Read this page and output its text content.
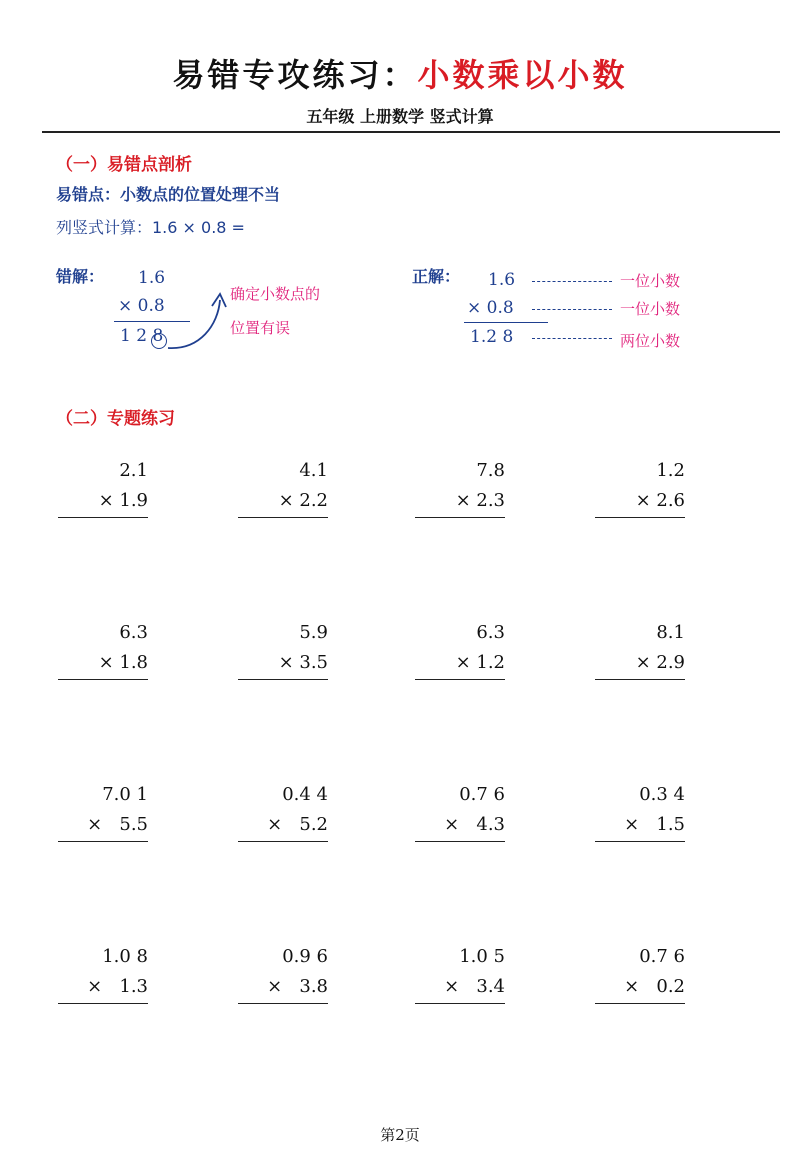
易错专攻练习：小数乘以小数
五年级 上册数学 竖式计算
（一）易错点剖析
易错点：小数点的位置处理不当
列竖式计算：1.6 × 0.8 =
错解： 1.6
× 0.8
1 2 8
确定小数点的
位置有误
正解： 1.6
× 0.8
1.2 8
一位小数
一位小数
两位小数
（二）专题练习
2.1
× 1.9
4.1
× 2.2
7.8
× 2.3
1.2
× 2.6
6.3
× 1.8
5.9
× 3.5
6.3
× 1.2
8.1
× 2.9
7.0 1
×   5.5
0.4 4
×   5.2
0.7 6
×   4.3
0.3 4
×   1.5
1.0 8
×   1.3
0.9 6
×   3.8
1.0 5
×   3.4
0.7 6
×   0.2
第2页
